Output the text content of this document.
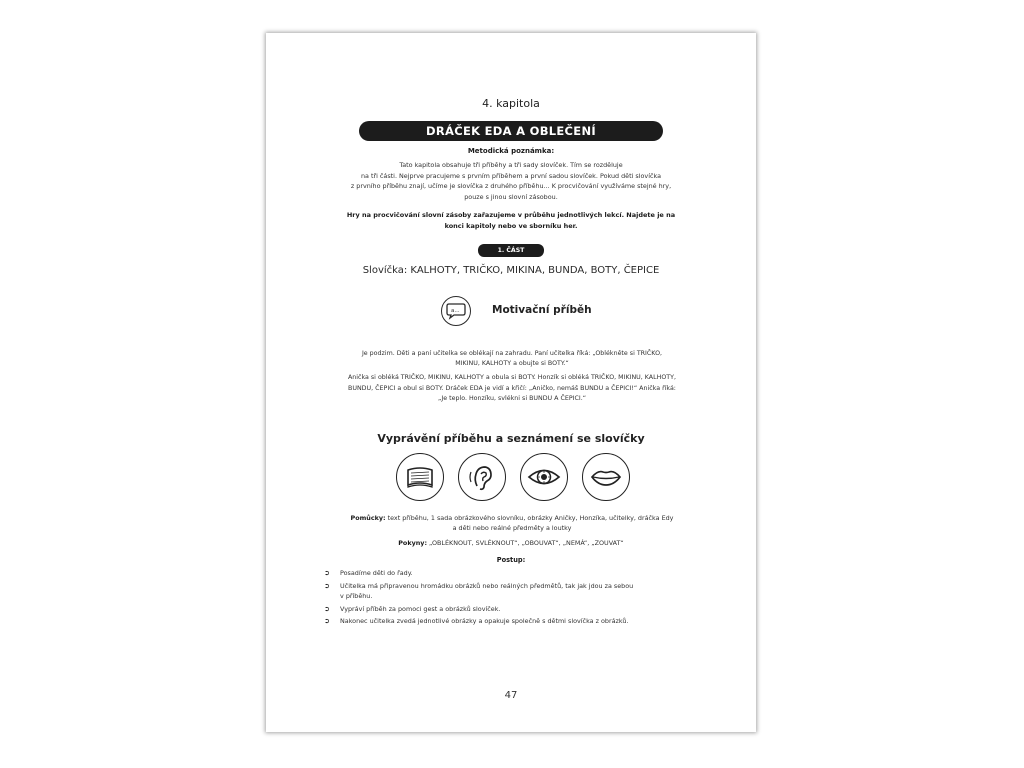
4. kapitola
DRÁČEK EDA A OBLEČENÍ
Metodická poznámka:
Tato kapitola obsahuje tři příběhy a tři sady slovíček. Tím se rozděluje
na tři části. Nejprve pracujeme s prvním příběhem a první sadou slovíček. Pokud děti slovíčka
z prvního příběhu znají, učíme je slovíčka z druhého příběhu... K procvičování využíváme stejné hry,
pouze s jinou slovní zásobou.
Hry na procvičování slovní zásoby zařazujeme v průběhu jednotlivých lekcí. Najdete je na
konci kapitoly nebo ve sborníku her.
1. ČÁST
Slovíčka: KALHOTY, TRIČKO, MIKINA, BUNDA, BOTY, ČEPICE
a...	Motivační příběh

Je podzim. Děti a paní učitelka se oblékají na zahradu. Paní učitelka říká: „Oblékněte si TRIČKO,
MIKINU, KALHOTY a obujte si BOTY.“

Anička si obléká TRIČKO, MIKINU, KALHOTY a obula si BOTY. Honzík si obléká TRIČKO, MIKINU, KALHOTY,
BUNDU, ČEPICI a obul si BOTY. Dráček EDA je vidí a křičí: „Aničko, nemáš BUNDU a ČEPICI!“ Anička říká:
„Je teplo. Honzíku, svlékni si BUNDU A ČEPICI.“

Vyprávění příběhu a seznámení se slovíčky
Pomůcky: text příběhu, 1 sada obrázkového slovníku, obrázky Aničky, Honzíka, učitelky, dráčka Edy
a děti nebo reálné předměty a loutky
Pokyny: „OBLÉKNOUT, SVLÉKNOUT“, „OBOUVAT“, „NEMÁ“, „ZOUVAT“
Postup:
➲ Posadíme děti do řady.
➲ Učitelka má připravenou hromádku obrázků nebo reálných předmětů, tak jak jdou za sebou
v příběhu.
➲ Vypráví příběh za pomoci gest a obrázků slovíček.
➲ Nakonec učitelka zvedá jednotlivé obrázky a opakuje společně s dětmi slovíčka z obrázků.
47
